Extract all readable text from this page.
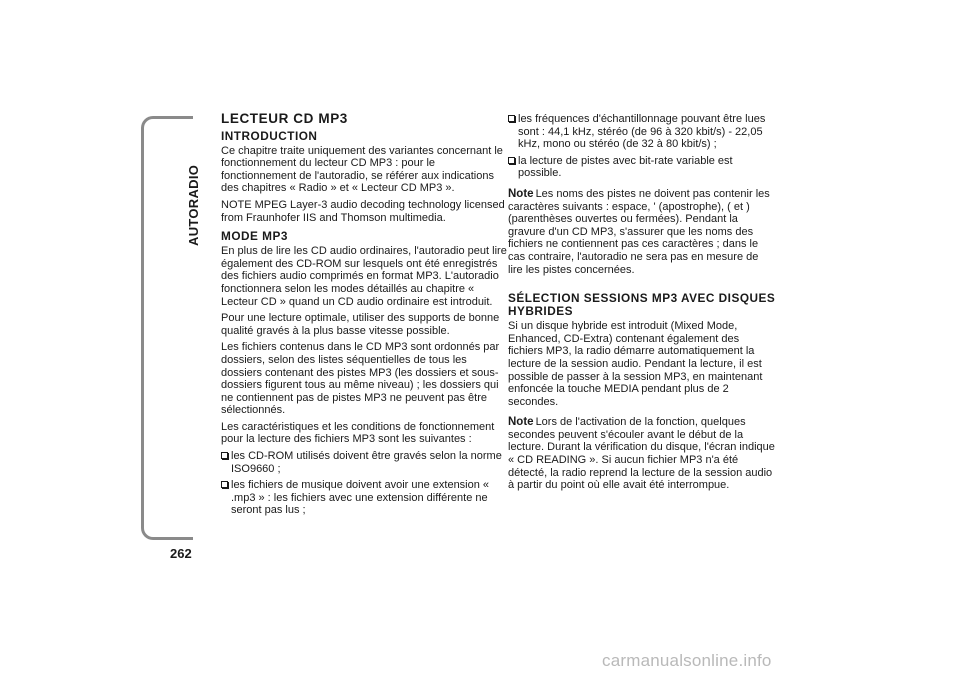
AUTORADIO
262
LECTEUR CD MP3
INTRODUCTION

Ce chapitre traite uniquement des variantes concernant le fonctionnement du lecteur CD MP3 : pour le fonctionnement de l'autoradio, se référer aux indications des chapitres « Radio » et « Lecteur CD MP3 ».

NOTE MPEG Layer-3 audio decoding technology licensed from Fraunhofer IIS and Thomson multimedia.

MODE MP3

En plus de lire les CD audio ordinaires, l'autoradio peut lire également des CD-ROM sur lesquels ont été enregistrés des fichiers audio comprimés en format MP3. L'autoradio fonctionnera selon les modes détaillés au chapitre « Lecteur CD » quand un CD audio ordinaire est introduit.

Pour une lecture optimale, utiliser des supports de bonne qualité gravés à la plus basse vitesse possible.

Les fichiers contenus dans le CD MP3 sont ordonnés par dossiers, selon des listes séquentielles de tous les dossiers contenant des pistes MP3 (les dossiers et sous-dossiers figurent tous au même niveau) ; les dossiers qui ne contiennent pas de pistes MP3 ne peuvent pas être sélectionnés.

Les caractéristiques et les conditions de fonctionnement pour la lecture des fichiers MP3 sont les suivantes :

les CD-ROM utilisés doivent être gravés selon la norme ISO9660 ;
les fichiers de musique doivent avoir une extension « .mp3 » : les fichiers avec une extension différente ne seront pas lus ;
les fréquences d'échantillonnage pouvant être lues sont : 44,1 kHz, stéréo (de 96 à 320 kbit/s) - 22,05 kHz, mono ou stéréo (de 32 à 80 kbit/s) ;
la lecture de pistes avec bit-rate variable est possible.

Note Les noms des pistes ne doivent pas contenir les caractères suivants : espace, ' (apostrophe), ( et ) (parenthèses ouvertes ou fermées). Pendant la gravure d'un CD MP3, s'assurer que les noms des fichiers ne contiennent pas ces caractères ; dans le cas contraire, l'autoradio ne sera pas en mesure de lire les pistes concernées.

SÉLECTION SESSIONS MP3 AVEC DISQUES HYBRIDES

Si un disque hybride est introduit (Mixed Mode, Enhanced, CD-Extra) contenant également des fichiers MP3, la radio démarre automatiquement la lecture de la session audio. Pendant la lecture, il est possible de passer à la session MP3, en maintenant enfoncée la touche MEDIA pendant plus de 2 secondes.

Note Lors de l'activation de la fonction, quelques secondes peuvent s'écouler avant le début de la lecture. Durant la vérification du disque, l'écran indique « CD READING ». Si aucun fichier MP3 n'a été détecté, la radio reprend la lecture de la session audio à partir du point où elle avait été interrompue.

carmanualsonline.info
